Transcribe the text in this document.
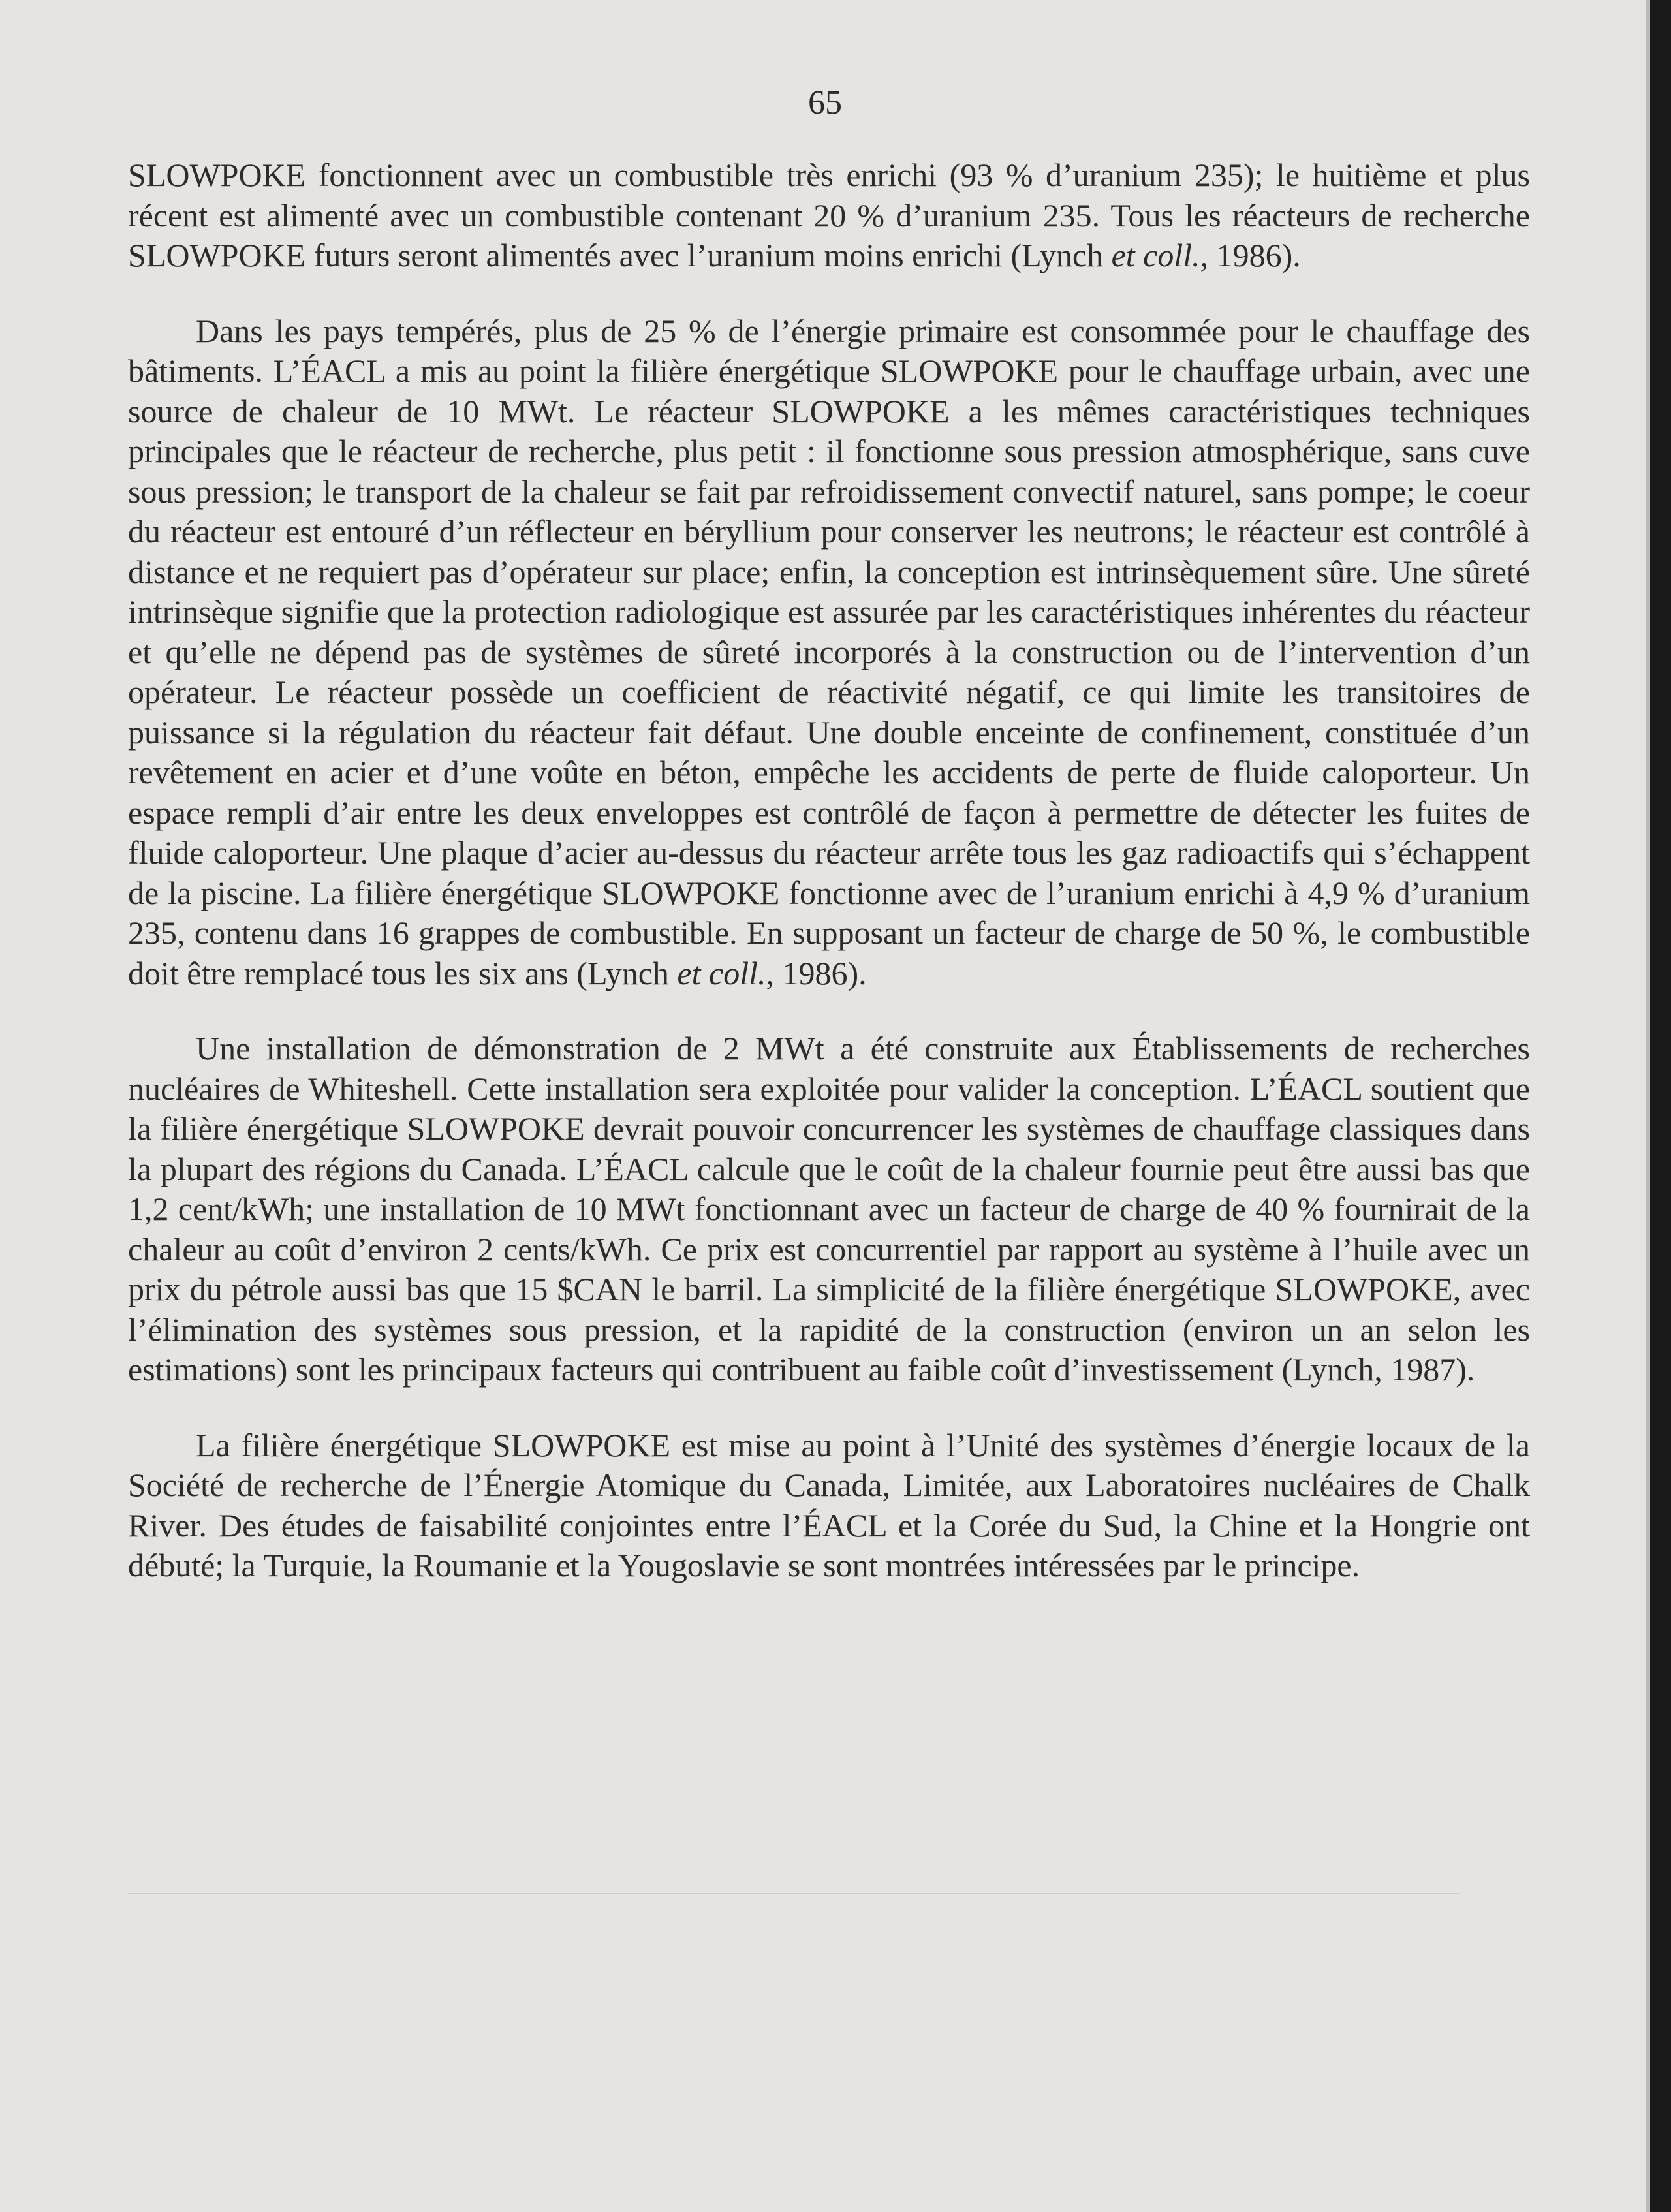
65

SLOWPOKE fonctionnent avec un combustible très enrichi (93 % d’uranium 235); le huitième et plus récent est alimenté avec un combustible contenant 20 % d’uranium 235. Tous les réacteurs de recherche SLOWPOKE futurs seront alimentés avec l’uranium moins enrichi (Lynch et coll., 1986).

Dans les pays tempérés, plus de 25 % de l’énergie primaire est consommée pour le chauffage des bâtiments. L’ÉACL a mis au point la filière énergétique SLOWPOKE pour le chauffage urbain, avec une source de chaleur de 10 MWt. Le réacteur SLOWPOKE a les mêmes caractéristiques techniques principales que le réacteur de recherche, plus petit : il fonctionne sous pression atmosphérique, sans cuve sous pression; le transport de la chaleur se fait par refroidissement convectif naturel, sans pompe; le coeur du réacteur est entouré d’un réflecteur en béryllium pour conserver les neutrons; le réacteur est contrôlé à distance et ne requiert pas d’opérateur sur place; enfin, la conception est intrinsèquement sûre. Une sûreté intrinsèque signifie que la protection radiologique est assurée par les caractéristiques inhérentes du réacteur et qu’elle ne dépend pas de systèmes de sûreté incorporés à la construction ou de l’intervention d’un opérateur. Le réacteur possède un coefficient de réactivité négatif, ce qui limite les transitoires de puissance si la régulation du réacteur fait défaut. Une double enceinte de confinement, constituée d’un revêtement en acier et d’une voûte en béton, empêche les accidents de perte de fluide caloporteur. Un espace rempli d’air entre les deux enveloppes est contrôlé de façon à permettre de détecter les fuites de fluide caloporteur. Une plaque d’acier au-dessus du réacteur arrête tous les gaz radioactifs qui s’échappent de la piscine. La filière énergétique SLOWPOKE fonctionne avec de l’uranium enrichi à 4,9 % d’uranium 235, contenu dans 16 grappes de combustible. En supposant un facteur de charge de 50 %, le combustible doit être remplacé tous les six ans (Lynch et coll., 1986).

Une installation de démonstration de 2 MWt a été construite aux Établissements de recherches nucléaires de Whiteshell. Cette installation sera exploitée pour valider la conception. L’ÉACL soutient que la filière énergétique SLOWPOKE devrait pouvoir concurrencer les systèmes de chauffage classiques dans la plupart des régions du Canada. L’ÉACL calcule que le coût de la chaleur fournie peut être aussi bas que 1,2 cent/kWh; une installation de 10 MWt fonctionnant avec un facteur de charge de 40 % fournirait de la chaleur au coût d’environ 2 cents/kWh. Ce prix est concurrentiel par rapport au système à l’huile avec un prix du pétrole aussi bas que 15 $CAN le barril. La simplicité de la filière énergétique SLOWPOKE, avec l’élimination des systèmes sous pression, et la rapidité de la construction (environ un an selon les estimations) sont les principaux facteurs qui contribuent au faible coût d’investissement (Lynch, 1987).

La filière énergétique SLOWPOKE est mise au point à l’Unité des systèmes d’énergie locaux de la Société de recherche de l’Énergie Atomique du Canada, Limitée, aux Laboratoires nucléaires de Chalk River. Des études de faisabilité conjointes entre l’ÉACL et la Corée du Sud, la Chine et la Hongrie ont débuté; la Turquie, la Roumanie et la Yougoslavie se sont montrées intéressées par le principe.
